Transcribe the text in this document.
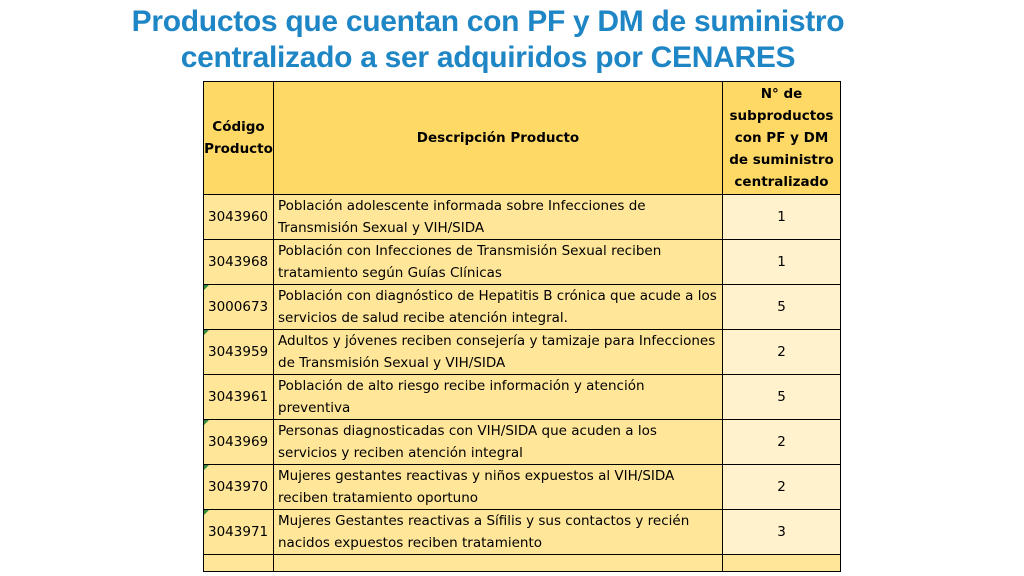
Productos que cuentan con PF y DM de suministro
centralizado a ser adquiridos por CENARES
Código Producto	Descripción Producto	N° de subproductos con PF y DM de suministro centralizado
3043960	Población adolescente informada sobre Infecciones de Transmisión Sexual y VIH/SIDA	1
3043968	Población con Infecciones de Transmisión Sexual reciben tratamiento según Guías Clínicas	1
3000673	Población con diagnóstico de Hepatitis B crónica que acude a los servicios de salud recibe atención integral.	5
3043959	Adultos y jóvenes reciben consejería y tamizaje para Infecciones de Transmisión Sexual y VIH/SIDA	2
3043961	Población de alto riesgo recibe información y atención preventiva	5
3043969	Personas diagnosticadas con VIH/SIDA que acuden a los servicios y reciben atención integral	2
3043970	Mujeres gestantes reactivas y niños expuestos al VIH/SIDA reciben tratamiento oportuno	2
3043971	Mujeres Gestantes reactivas a Sífilis y sus contactos y recién nacidos expuestos reciben tratamiento	3
